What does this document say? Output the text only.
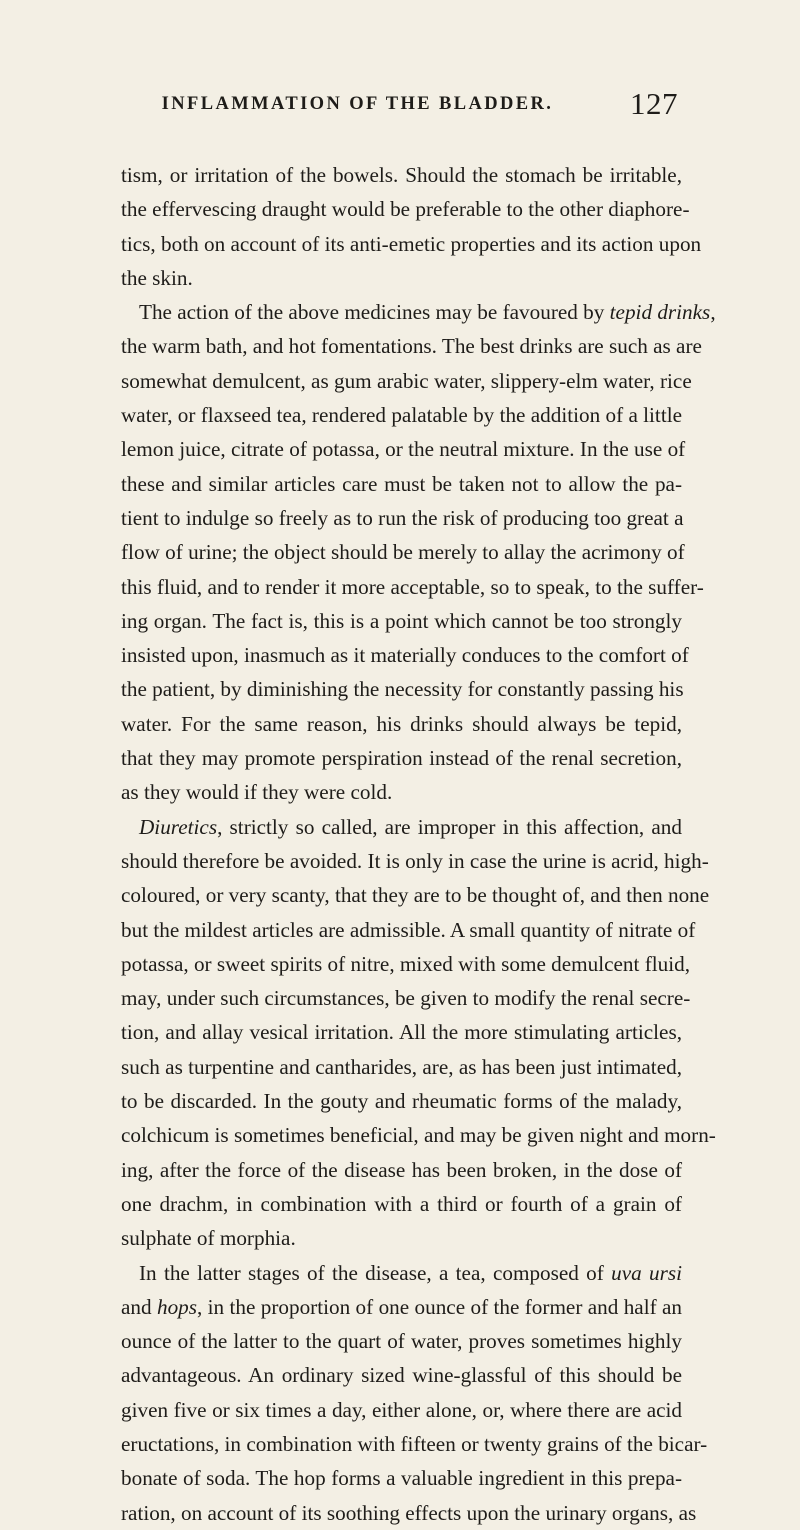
INFLAMMATION OF THE BLADDER.	127
tism, or irritation of the bowels. Should the stomach be irritable,
the effervescing draught would be preferable to the other diaphore-
tics, both on account of its anti-emetic properties and its action upon
the skin.
The action of the above medicines may be favoured by tepid drinks,
the warm bath, and hot fomentations. The best drinks are such as are
somewhat demulcent, as gum arabic water, slippery-elm water, rice
water, or flaxseed tea, rendered palatable by the addition of a little
lemon juice, citrate of potassa, or the neutral mixture. In the use of
these and similar articles care must be taken not to allow the pa-
tient to indulge so freely as to run the risk of producing too great a
flow of urine; the object should be merely to allay the acrimony of
this fluid, and to render it more acceptable, so to speak, to the suffer-
ing organ. The fact is, this is a point which cannot be too strongly
insisted upon, inasmuch as it materially conduces to the comfort of
the patient, by diminishing the necessity for constantly passing his
water. For the same reason, his drinks should always be tepid,
that they may promote perspiration instead of the renal secretion,
as they would if they were cold.
Diuretics, strictly so called, are improper in this affection, and
should therefore be avoided. It is only in case the urine is acrid, high-
coloured, or very scanty, that they are to be thought of, and then none
but the mildest articles are admissible. A small quantity of nitrate of
potassa, or sweet spirits of nitre, mixed with some demulcent fluid,
may, under such circumstances, be given to modify the renal secre-
tion, and allay vesical irritation. All the more stimulating articles,
such as turpentine and cantharides, are, as has been just intimated,
to be discarded. In the gouty and rheumatic forms of the malady,
colchicum is sometimes beneficial, and may be given night and morn-
ing, after the force of the disease has been broken, in the dose of
one drachm, in combination with a third or fourth of a grain of
sulphate of morphia.
In the latter stages of the disease, a tea, composed of uva ursi
and hops, in the proportion of one ounce of the former and half an
ounce of the latter to the quart of water, proves sometimes highly
advantageous. An ordinary sized wine-glassful of this should be
given five or six times a day, either alone, or, where there are acid
eructations, in combination with fifteen or twenty grains of the bicar-
bonate of soda. The hop forms a valuable ingredient in this prepa-
ration, on account of its soothing effects upon the urinary organs, as
